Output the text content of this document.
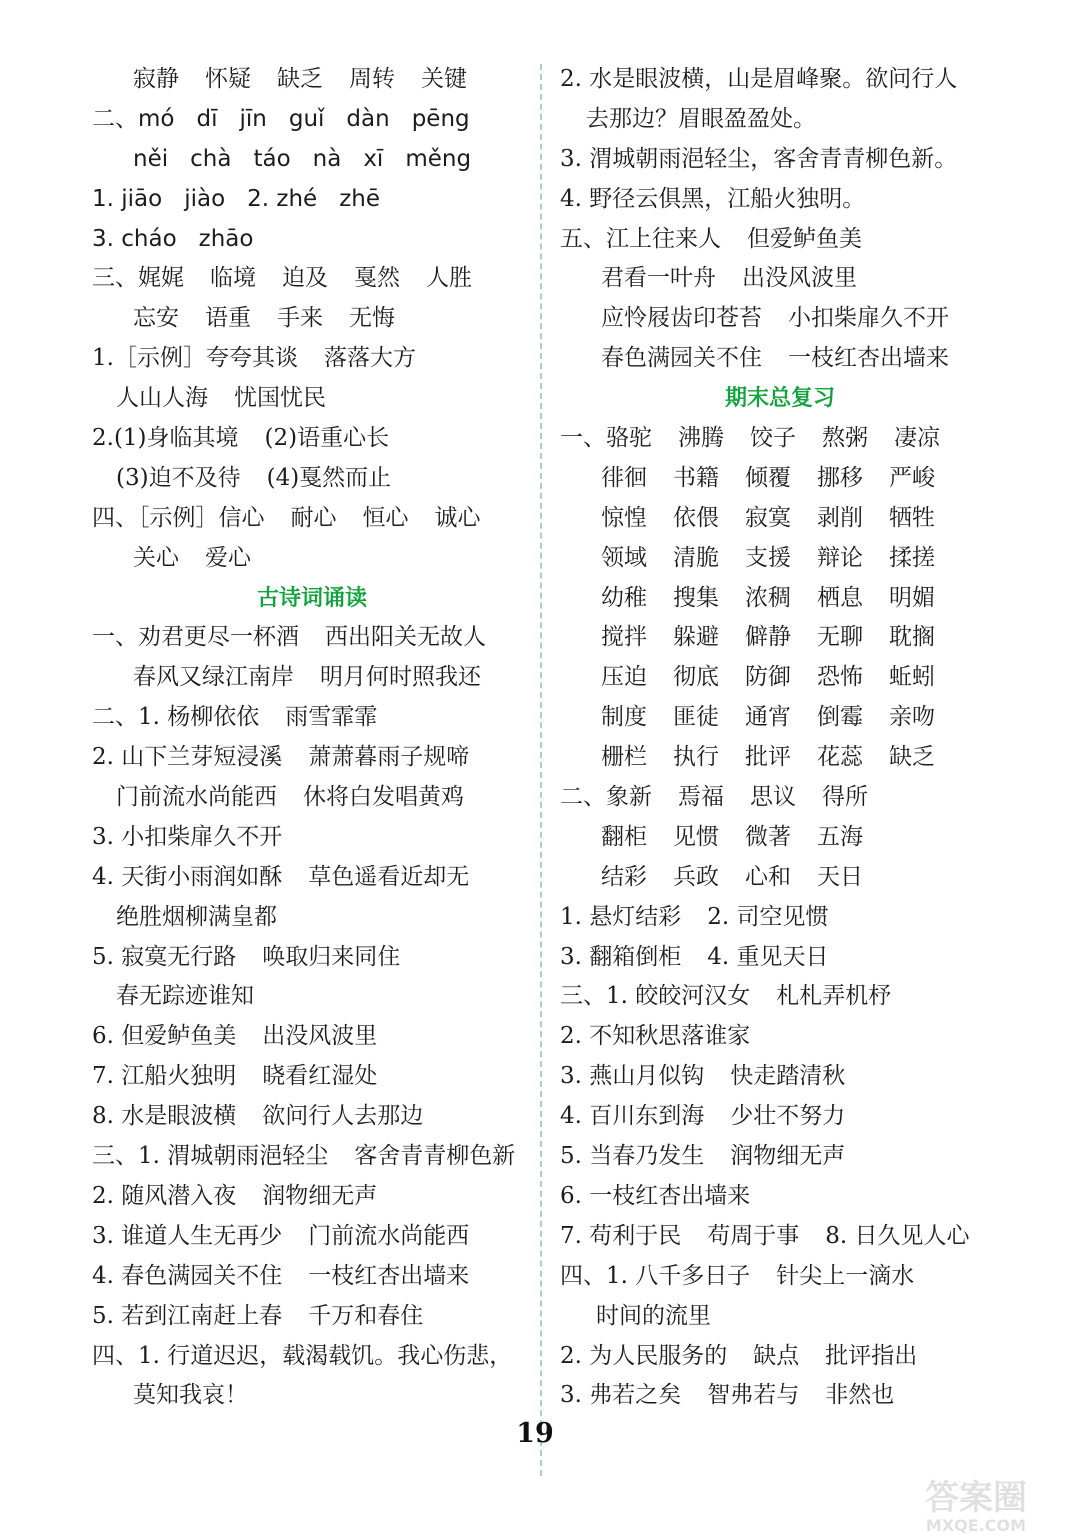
寂静 怀疑 缺乏 周转 关键
二、mó dī jīn guǐ dàn pēng
něi chà táo nà xī měng
1. jiāo jiào 2. zhé zhē
3. cháo zhāo
三、娓娓 临境 迫及 戛然 人胜
忘安 语重 手来 无悔
1.［示例］夸夸其谈 落落大方
人山人海 忧国忧民
2.(1)身临其境 (2)语重心长
(3)迫不及待 (4)戛然而止
四、［示例］信心 耐心 恒心 诚心
关心 爱心
古诗词诵读
一、劝君更尽一杯酒 西出阳关无故人
春风又绿江南岸 明月何时照我还
二、1. 杨柳依依 雨雪霏霏
2. 山下兰芽短浸溪 萧萧暮雨子规啼
门前流水尚能西 休将白发唱黄鸡
3. 小扣柴扉久不开
4. 天街小雨润如酥 草色遥看近却无
绝胜烟柳满皇都
5. 寂寞无行路 唤取归来同住
春无踪迹谁知
6. 但爱鲈鱼美 出没风波里
7. 江船火独明 晓看红湿处
8. 水是眼波横 欲问行人去那边
三、1. 渭城朝雨浥轻尘 客舍青青柳色新
2. 随风潜入夜 润物细无声
3. 谁道人生无再少 门前流水尚能西
4. 春色满园关不住 一枝红杏出墙来
5. 若到江南赶上春 千万和春住
四、1. 行道迟迟，载渴载饥。我心伤悲，
莫知我哀！
2. 水是眼波横，山是眉峰聚。欲问行人
去那边？眉眼盈盈处。
3. 渭城朝雨浥轻尘，客舍青青柳色新。
4. 野径云俱黑，江船火独明。
五、江上往来人 但爱鲈鱼美
君看一叶舟 出没风波里
应怜屐齿印苍苔 小扣柴扉久不开
春色满园关不住 一枝红杏出墙来
期末总复习
一、骆驼 沸腾 饺子 熬粥 凄凉
徘徊 书籍 倾覆 挪移 严峻
惊惶 依偎 寂寞 剥削 牺牲
领域 清脆 支援 辩论 揉搓
幼稚 搜集 浓稠 栖息 明媚
搅拌 躲避 僻静 无聊 耽搁
压迫 彻底 防御 恐怖 蚯蚓
制度 匪徒 通宵 倒霉 亲吻
栅栏 执行 批评 花蕊 缺乏
二、象新 焉福 思议 得所
翻柜 见惯 微著 五海
结彩 兵政 心和 天日
1. 悬灯结彩 2. 司空见惯
3. 翻箱倒柜 4. 重见天日
三、1. 皎皎河汉女 札札弄机杼
2. 不知秋思落谁家
3. 燕山月似钩 快走踏清秋
4. 百川东到海 少壮不努力
5. 当春乃发生 润物细无声
6. 一枝红杏出墙来
7. 苟利于民 苟周于事 8. 日久见人心
四、1. 八千多日子 针尖上一滴水
时间的流里
2. 为人民服务的 缺点 批评指出
3. 弗若之矣 智弗若与 非然也
19
答案圈
MXQE.COM
